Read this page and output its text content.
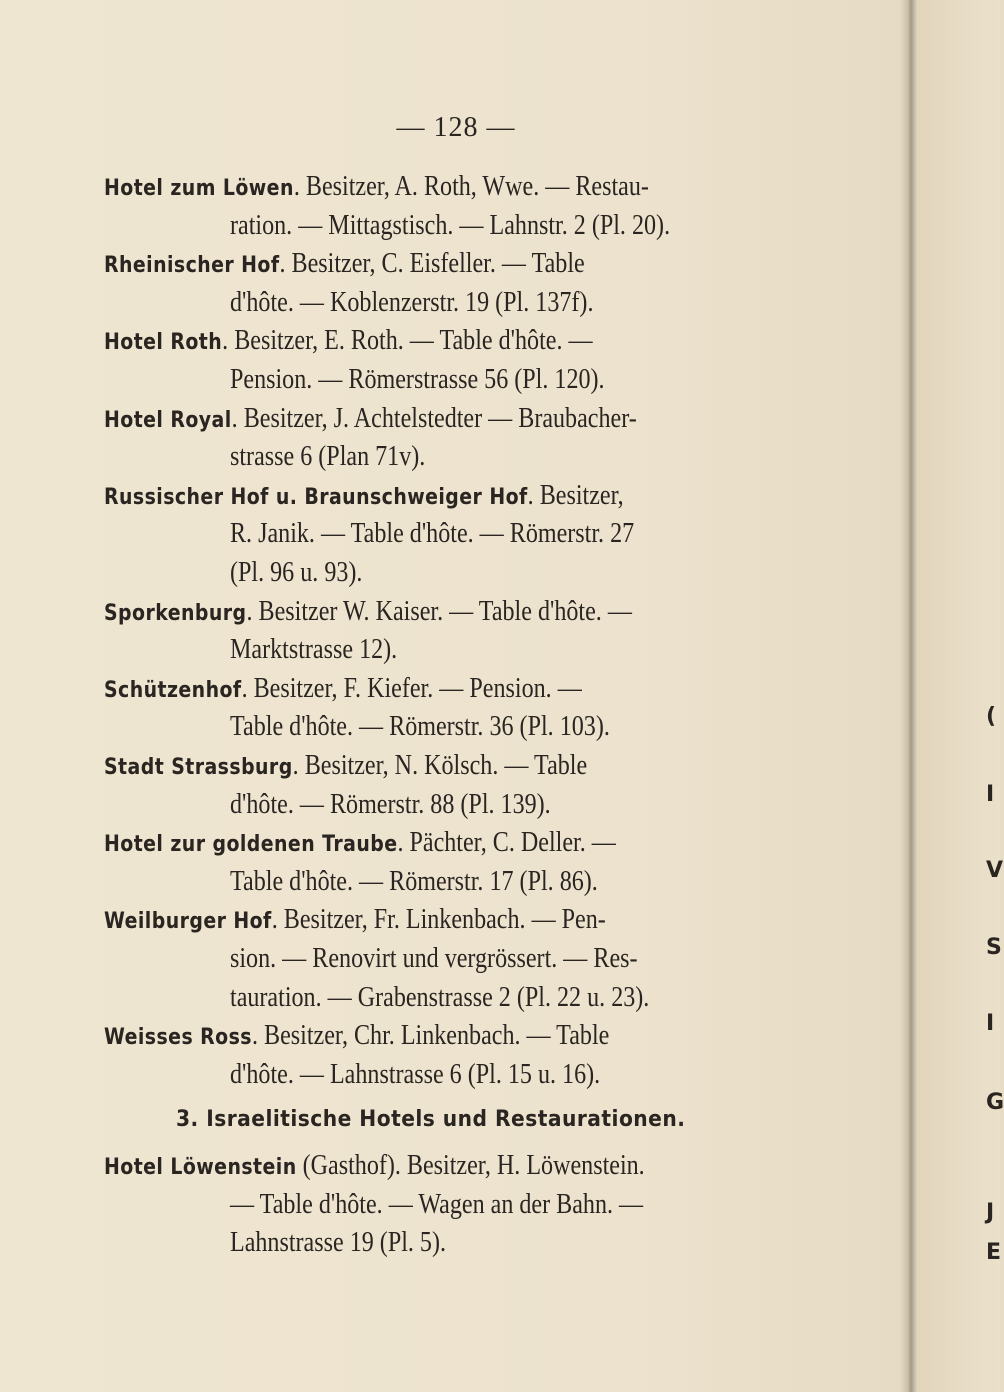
— 128 —
Hotel zum Löwen. Besitzer, A. Roth, Wwe. — Restau-
ration. — Mittagstisch. — Lahnstr. 2 (Pl. 20).
Rheinischer Hof. Besitzer, C. Eisfeller. — Table
d'hôte. — Koblenzerstr. 19 (Pl. 137f).
Hotel Roth. Besitzer, E. Roth. — Table d'hôte. —
Pension. — Römerstrasse 56 (Pl. 120).
Hotel Royal. Besitzer, J. Achtelstedter — Braubacher-
strasse 6 (Plan 71v).
Russischer Hof u. Braunschweiger Hof. Besitzer,
R. Janik. — Table d'hôte. — Römerstr. 27
(Pl. 96 u. 93).
Sporkenburg. Besitzer W. Kaiser. — Table d'hôte. —
Marktstrasse 12).
Schützenhof. Besitzer, F. Kiefer. — Pension. —
Table d'hôte. — Römerstr. 36 (Pl. 103).
Stadt Strassburg. Besitzer, N. Kölsch. — Table
d'hôte. — Römerstr. 88 (Pl. 139).
Hotel zur goldenen Traube. Pächter, C. Deller. —
Table d'hôte. — Römerstr. 17 (Pl. 86).
Weilburger Hof. Besitzer, Fr. Linkenbach. — Pen-
sion. — Renovirt und vergrössert. — Res-
tauration. — Grabenstrasse 2 (Pl. 22 u. 23).
Weisses Ross. Besitzer, Chr. Linkenbach. — Table
d'hôte. — Lahnstrasse 6 (Pl. 15 u. 16).
Hotel Löwenstein (Gasthof). Besitzer, H. Löwenstein.
— Table d'hôte. — Wagen an der Bahn. —
Lahnstrasse 19 (Pl. 5).
3. Israelitische Hotels und Restaurationen.
(
I
V
S
I
G
J
E
